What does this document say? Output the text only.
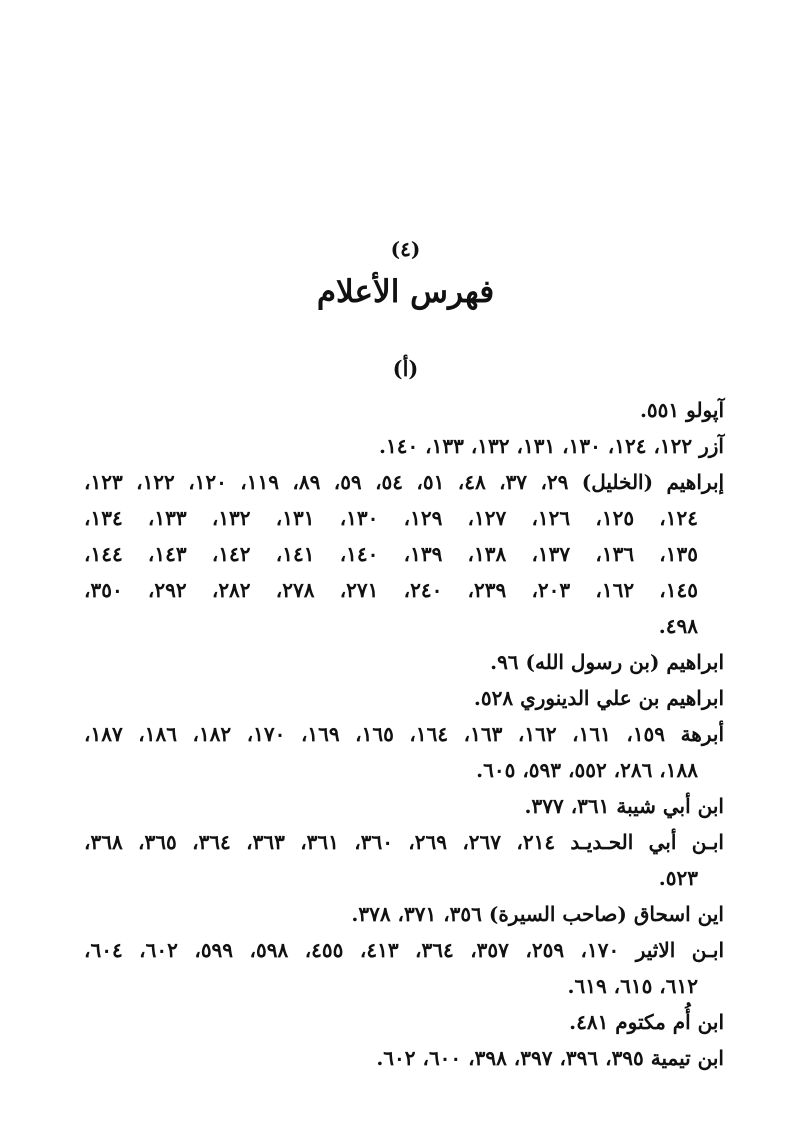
(٤)
فهرس الأعلام
(أ)
آپولو ٥٥١.
آزر ١٢٢، ١٢٤، ١٣٠، ١٣١، ١٣٢، ١٣٣، ١٤٠.
إبراهيم (الخليل) ٢٩، ٣٧، ٤٨، ٥١، ٥٤، ٥٩، ٨٩، ١١٩، ١٢٠، ١٢٢، ١٢٣،
١٢٤، ١٢٥، ١٢٦، ١٢٧، ١٢٩، ١٣٠، ١٣١، ١٣٢، ١٣٣، ١٣٤،
١٣٥، ١٣٦، ١٣٧، ١٣٨، ١٣٩، ١٤٠، ١٤١، ١٤٢، ١٤٣، ١٤٤،
١٤٥، ١٦٢، ٢٠٣، ٢٣٩، ٢٤٠، ٢٧١، ٢٧٨، ٢٨٢، ٢٩٢، ٣٥٠،
٤٩٨.
ابراهيم (بن رسول الله) ٩٦.
ابراهيم بن علي الدينوري ٥٢٨.
أبرهة ١٥٩، ١٦١، ١٦٢، ١٦٣، ١٦٤، ١٦٥، ١٦٩، ١٧٠، ١٨٢، ١٨٦، ١٨٧،
١٨٨، ٢٨٦، ٥٥٢، ٥٩٣، ٦٠٥.
ابن أبي شيبة ٣٦١، ٣٧٧.
ابـن أبي الحـديـد ٢١٤، ٢٦٧، ٢٦٩، ٣٦٠، ٣٦١، ٣٦٣، ٣٦٤، ٣٦٥، ٣٦٨،
٥٢٣.
اين اسحاق (صاحب السيرة) ٣٥٦، ٣٧١، ٣٧٨.
ابـن الاثير ١٧٠، ٢٥٩، ٣٥٧، ٣٦٤، ٤١٣، ٤٥٥، ٥٩٨، ٥٩٩، ٦٠٢، ٦٠٤،
٦١٢، ٦١٥، ٦١٩.
ابن أُم مكتوم ٤٨١.
ابن تيمية ٣٩٥، ٣٩٦، ٣٩٧، ٣٩٨، ٦٠٠، ٦٠٢.
